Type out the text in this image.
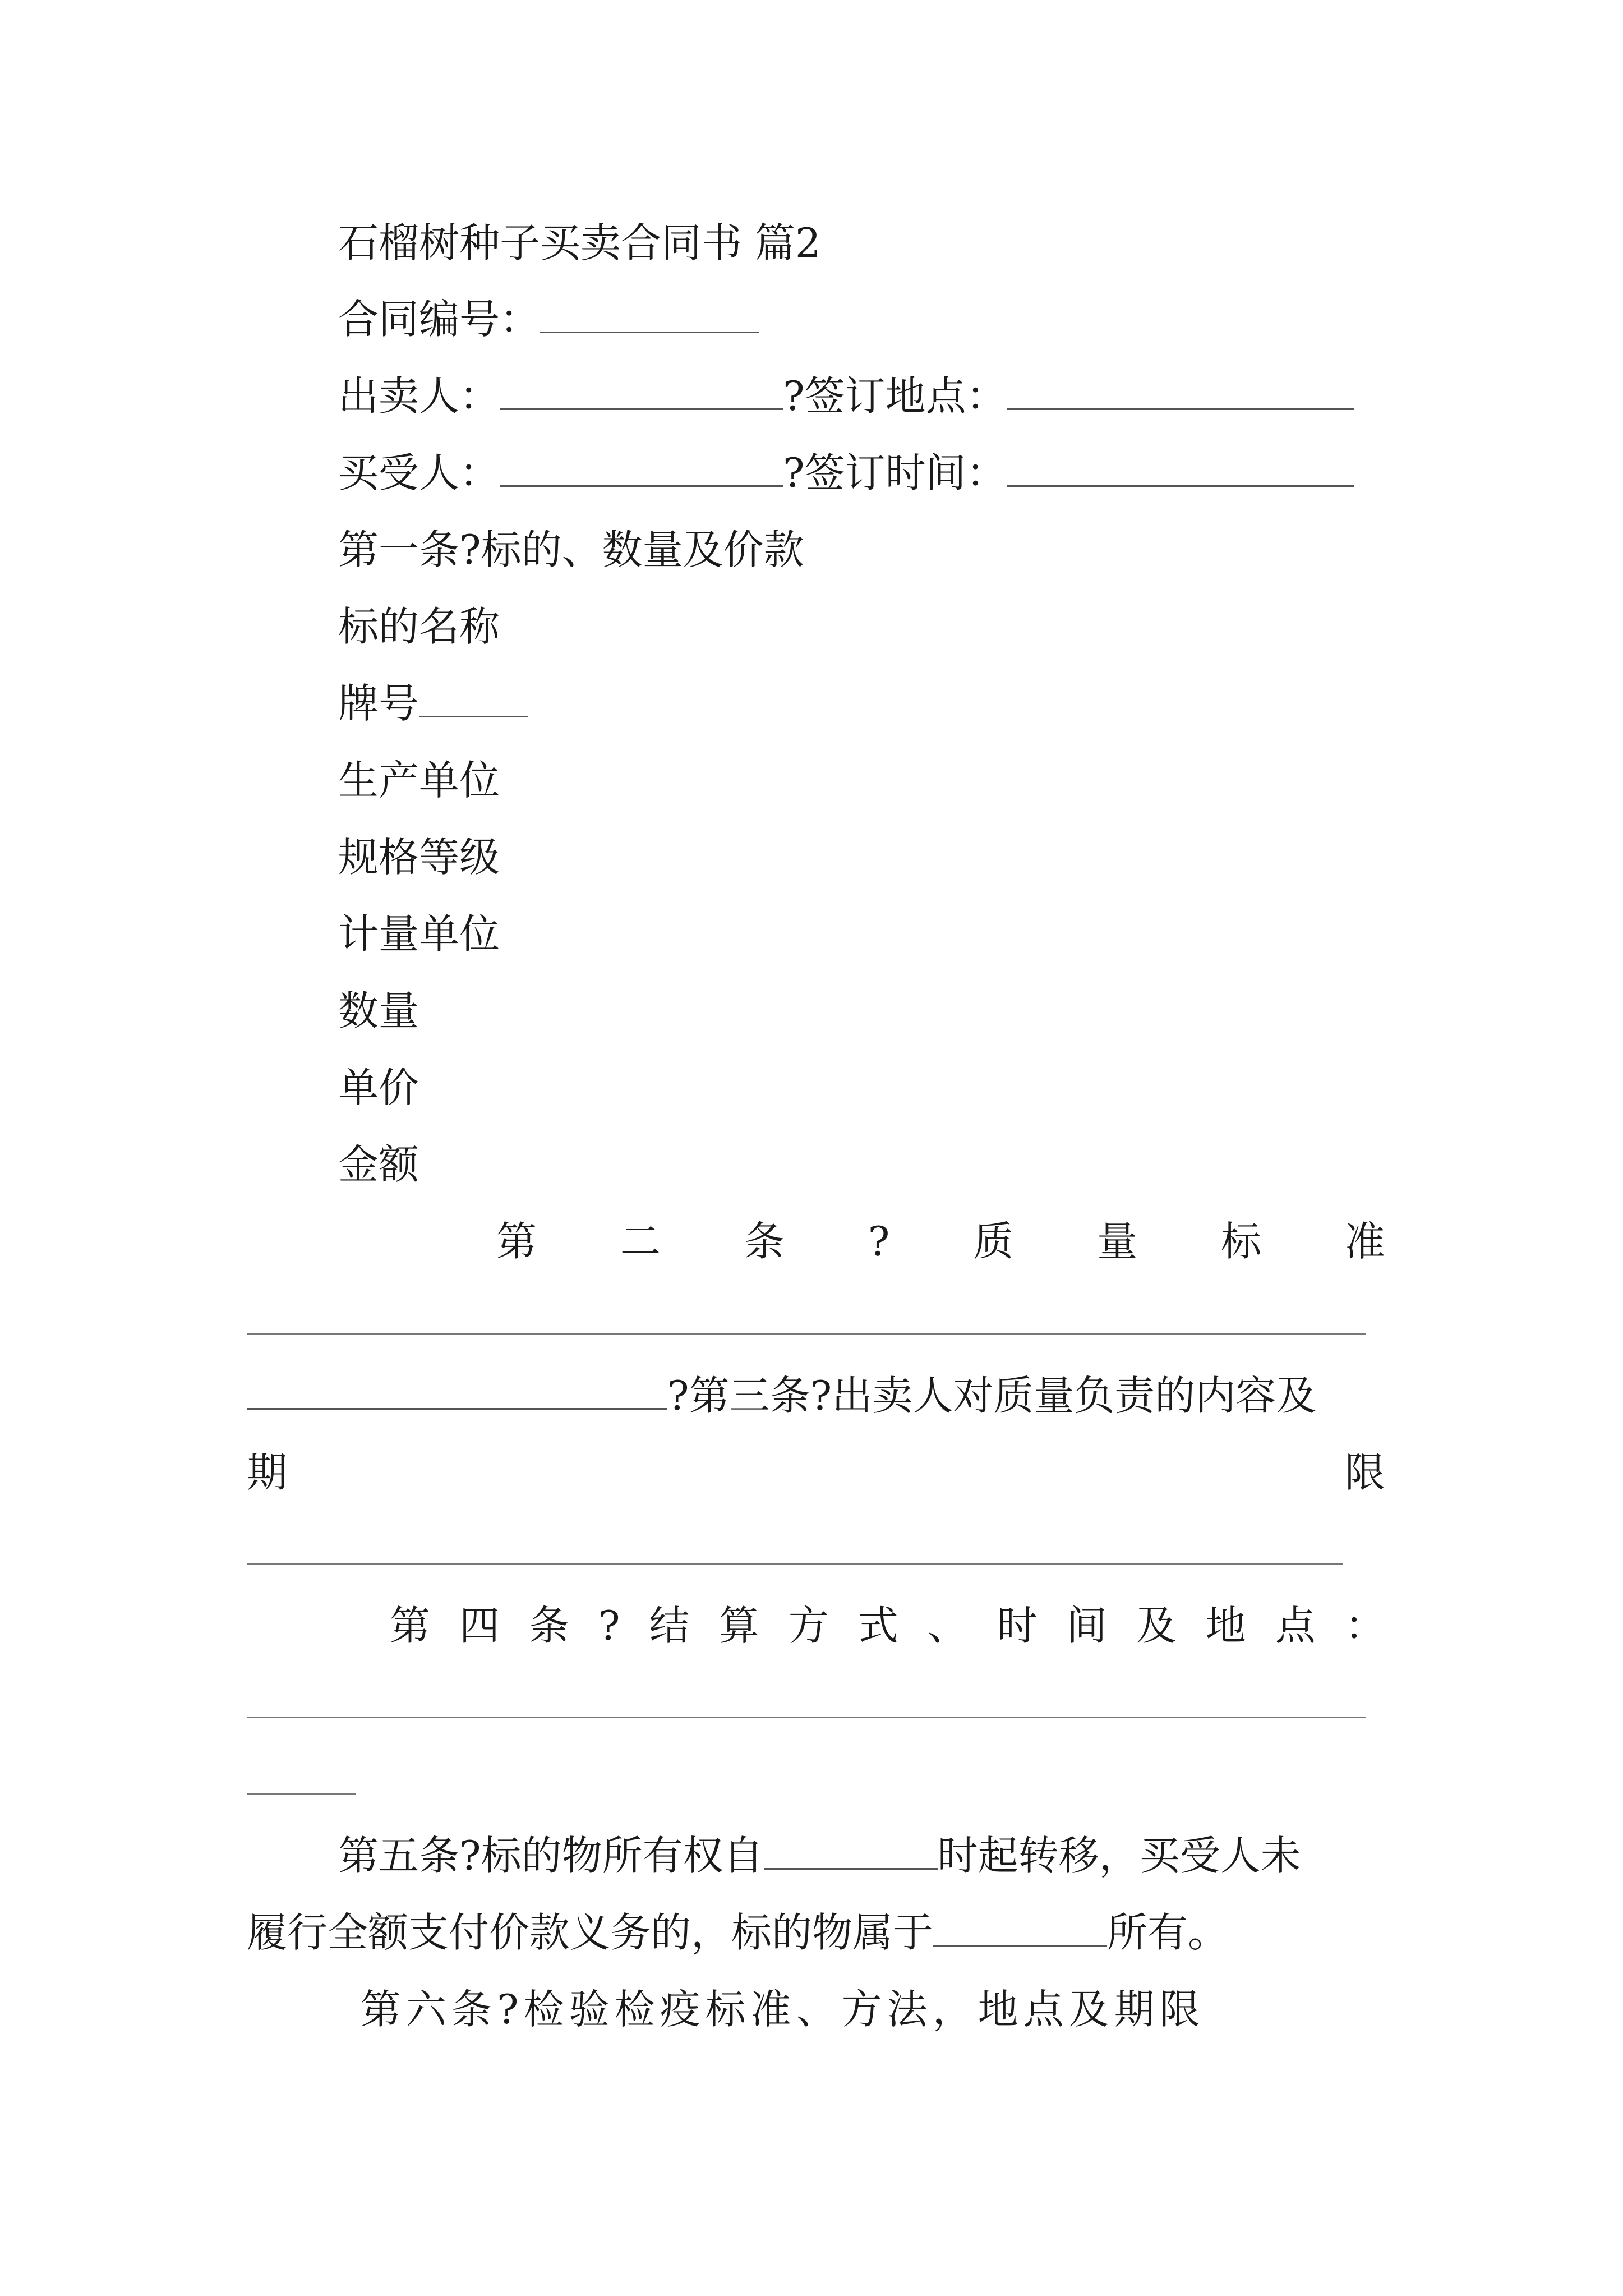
石榴树种子买卖合同书 篇2
合同编号：
出卖人：	?签订地点：
买受人：	?签订时间：
第一条?标的、数量及价款
标的名称
牌号
生产单位
规格等级
计量单位
数量
单价
金额
第 二 条 ? 质 量 标 准
?第三条?出卖人对质量负责的内容及
期	限
第 四 条 ? 结 算 方 式 、 时 间 及 地 点 ：
第五条?标的物所有权自	时起转移，买受人未
履行全额支付价款义务的，标的物属于	所有。
第六条?检验检疫标准、方法，地点及期限
